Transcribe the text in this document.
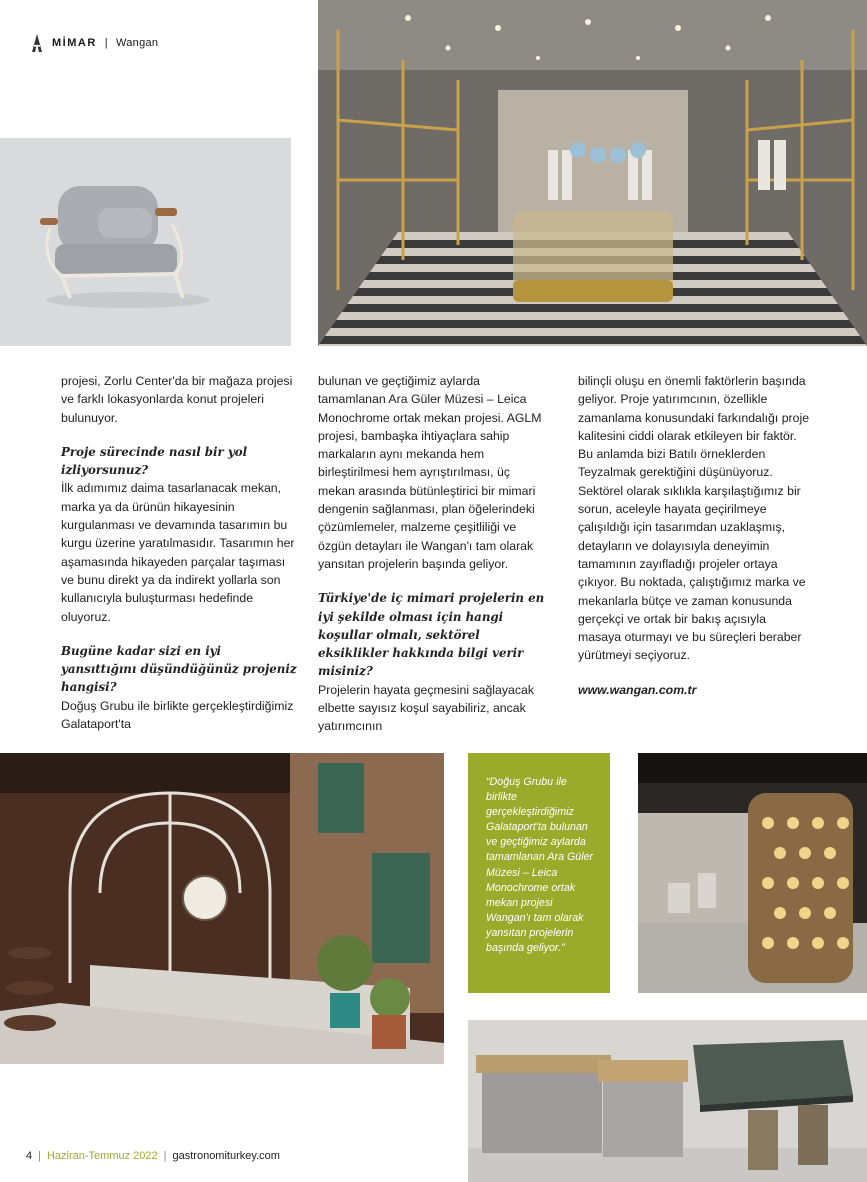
MİMAR | Wangan

projesi, Zorlu Center'da bir mağaza projesi ve farklı lokasyonlarda konut projeleri bulunuyor.

Proje sürecinde nasıl bir yol izliyorsunuz?

İlk adımımız daima tasarlanacak mekan, marka ya da ürünün hikayesinin kurgulanması ve devamında tasarımın bu kurgu üzerine yaratılmasıdır. Tasarımın her aşamasında hikayeden parçalar taşıması ve bunu direkt ya da indirekt yollarla son kullanıcıyla buluşturması hedefinde oluyoruz.

Bugüne kadar sizi en iyi yansıttığını düşündüğünüz projeniz hangisi?

Doğuş Grubu ile birlikte gerçekleştirdiğimiz Galataport'ta

bulunan ve geçtiğimiz aylarda tamamlanan Ara Güler Müzesi – Leica Monochrome ortak mekan projesi. AGLM projesi, bambaşka ihtiyaçlara sahip markaların aynı mekanda hem birleştirilmesi hem ayrıştırılması, üç mekan arasında bütünleştirici bir mimari dengenin sağlanması, plan öğelerindeki çözümlemeler, malzeme çeşitliliği ve özgün detayları ile Wangan'ı tam olarak yansıtan projelerin başında geliyor.

Türkiye'de iç mimari projelerin en iyi şekilde olması için hangi koşullar olmalı, sektörel eksiklikler hakkında bilgi verir misiniz?

Projelerin hayata geçmesini sağlayacak elbette sayısız koşul sayabiliriz, ancak yatırımcının

bilinçli oluşu en önemli faktörlerin başında geliyor. Proje yatırımcının, özellikle zamanlama konusundaki farkındalığı proje kalitesini ciddi olarak etkileyen bir faktör. Bu anlamda bizi Batılı örneklerden Teyzalmak gerektiğini düşünüyoruz. Sektörel olarak sıklıkla karşılaştığımız bir sorun, aceleyle hayata geçirilmeye çalışıldığı için tasarımdan uzaklaşmış, detayların ve dolayısıyla deneyimin tamamının zayıfladığı projeler ortaya çıkıyor. Bu noktada, çalıştığımız marka ve mekanlarla bütçe ve zaman konusunda gerçekçi ve ortak bir bakış açısıyla masaya oturmayı ve bu süreçleri beraber yürütmeyi seçiyoruz.

www.wangan.com.tr

“Doğuş Grubu ile birlikte gerçekleştirdiğimiz Galataport'ta bulunan ve geçtiğimiz aylarda tamamlanan Ara Güler Müzesi – Leica Monochrome ortak mekan projesi Wangan'ı tam olarak yansıtan projelerin başında geliyor.”
4 | Haziran-Temmuz 2022 | gastronomiturkey.com
